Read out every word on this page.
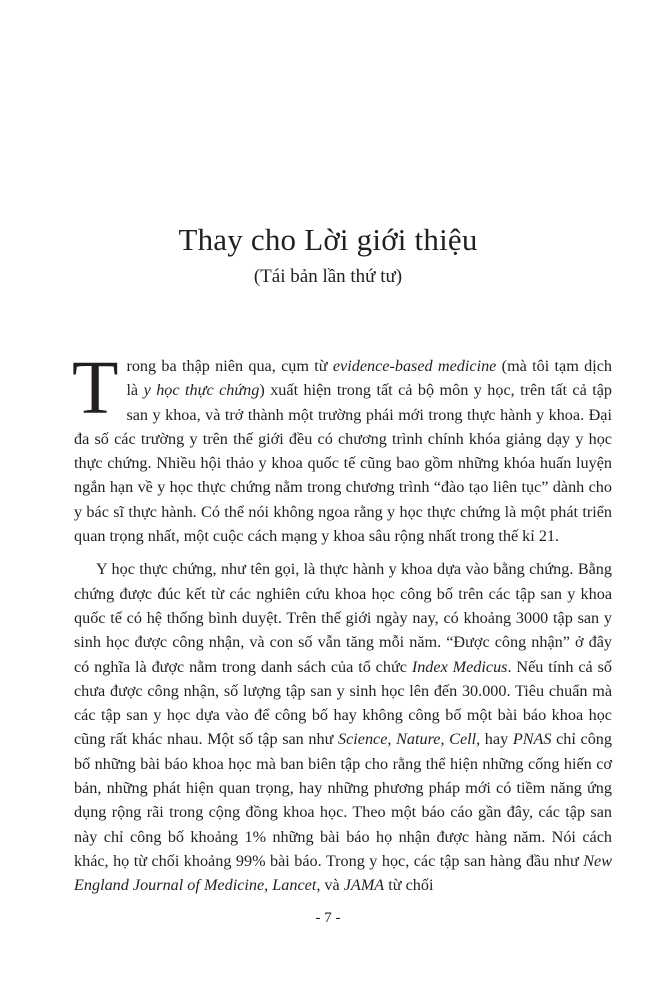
Thay cho Lời giới thiệu
(Tái bản lần thứ tư)

Trong ba thập niên qua, cụm từ evidence-based medicine (mà tôi tạm dịch là y học thực chứng) xuất hiện trong tất cả bộ môn y học, trên tất cả tập san y khoa, và trở thành một trường phái mới trong thực hành y khoa. Đại đa số các trường y trên thế giới đều có chương trình chính khóa giảng dạy y học thực chứng. Nhiều hội thảo y khoa quốc tế cũng bao gồm những khóa huấn luyện ngắn hạn về y học thực chứng nằm trong chương trình “đào tạo liên tục” dành cho y bác sĩ thực hành. Có thể nói không ngoa rằng y học thực chứng là một phát triển quan trọng nhất, một cuộc cách mạng y khoa sâu rộng nhất trong thế kỉ 21.

Y học thực chứng, như tên gọi, là thực hành y khoa dựa vào bằng chứng. Bằng chứng được đúc kết từ các nghiên cứu khoa học công bố trên các tập san y khoa quốc tế có hệ thống bình duyệt. Trên thế giới ngày nay, có khoảng 3000 tập san y sinh học được công nhận, và con số vẫn tăng mỗi năm. “Được công nhận” ở đây có nghĩa là được nằm trong danh sách của tổ chức Index Medicus. Nếu tính cả số chưa được công nhận, số lượng tập san y sinh học lên đến 30.000. Tiêu chuẩn mà các tập san y học dựa vào để công bố hay không công bố một bài báo khoa học cũng rất khác nhau. Một số tập san như Science, Nature, Cell, hay PNAS chỉ công bố những bài báo khoa học mà ban biên tập cho rằng thể hiện những cống hiến cơ bản, những phát hiện quan trọng, hay những phương pháp mới có tiềm năng ứng dụng rộng rãi trong cộng đồng khoa học. Theo một báo cáo gần đây, các tập san này chỉ công bố khoảng 1% những bài báo họ nhận được hàng năm. Nói cách khác, họ từ chối khoảng 99% bài báo. Trong y học, các tập san hàng đầu như New England Journal of Medicine, Lancet, và JAMA từ chối

- 7 -
